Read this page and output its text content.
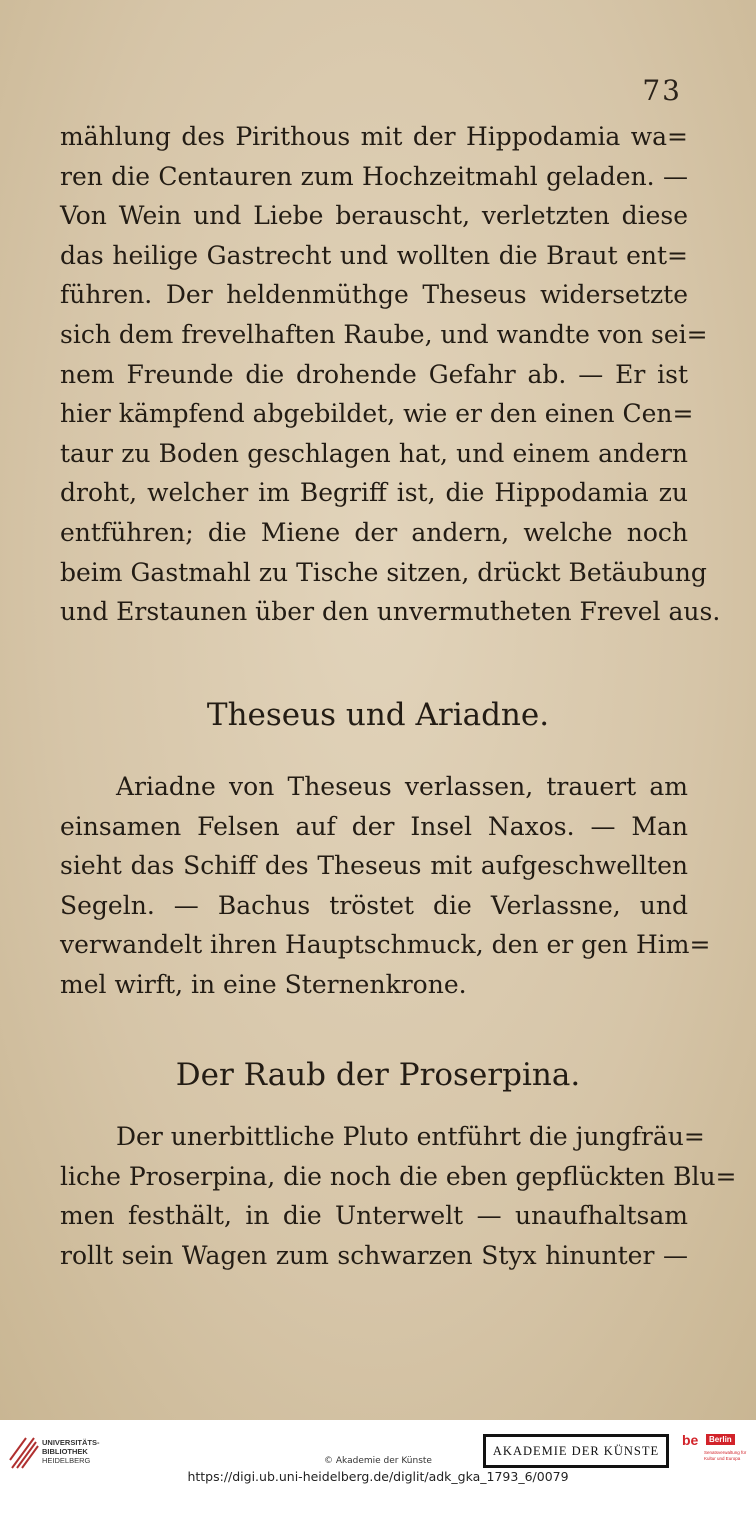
73
mählung des Pirithous mit der Hippodamia wa=
ren die Centauren zum Hochzeitmahl geladen. —
Von Wein und Liebe berauscht, verletzten diese
das heilige Gastrecht und wollten die Braut ent=
führen. Der heldenmüthge Theseus widersetzte
sich dem frevelhaften Raube, und wandte von sei=
nem Freunde die drohende Gefahr ab. — Er ist
hier kämpfend abgebildet, wie er den einen Cen=
taur zu Boden geschlagen hat, und einem andern
droht, welcher im Begriff ist, die Hippodamia zu
entführen; die Miene der andern, welche noch
beim Gastmahl zu Tische sitzen, drückt Betäubung
und Erstaunen über den unvermutheten Frevel aus.
Theseus und Ariadne.
Ariadne von Theseus verlassen, trauert am
einsamen Felsen auf der Insel Naxos. — Man
sieht das Schiff des Theseus mit aufgeschwellten
Segeln. — Bachus tröstet die Verlassne, und
verwandelt ihren Hauptschmuck, den er gen Him=
mel wirft, in eine Sternenkrone.
Der Raub der Proserpina.
Der unerbittliche Pluto entführt die jungfräu=
liche Proserpina, die noch die eben gepflückten Blu=
men festhält, in die Unterwelt — unaufhaltsam
rollt sein Wagen zum schwarzen Styx hinunter —
UNIVERSITÄTS-
BIBLIOTHEK
HEIDELBERG
AKADEMIE DER KÜNSTE
be	Berlin
Senatsverwaltung für Kultur und Europa
© Akademie der Künste
https://digi.ub.uni-heidelberg.de/diglit/adk_gka_1793_6/0079
